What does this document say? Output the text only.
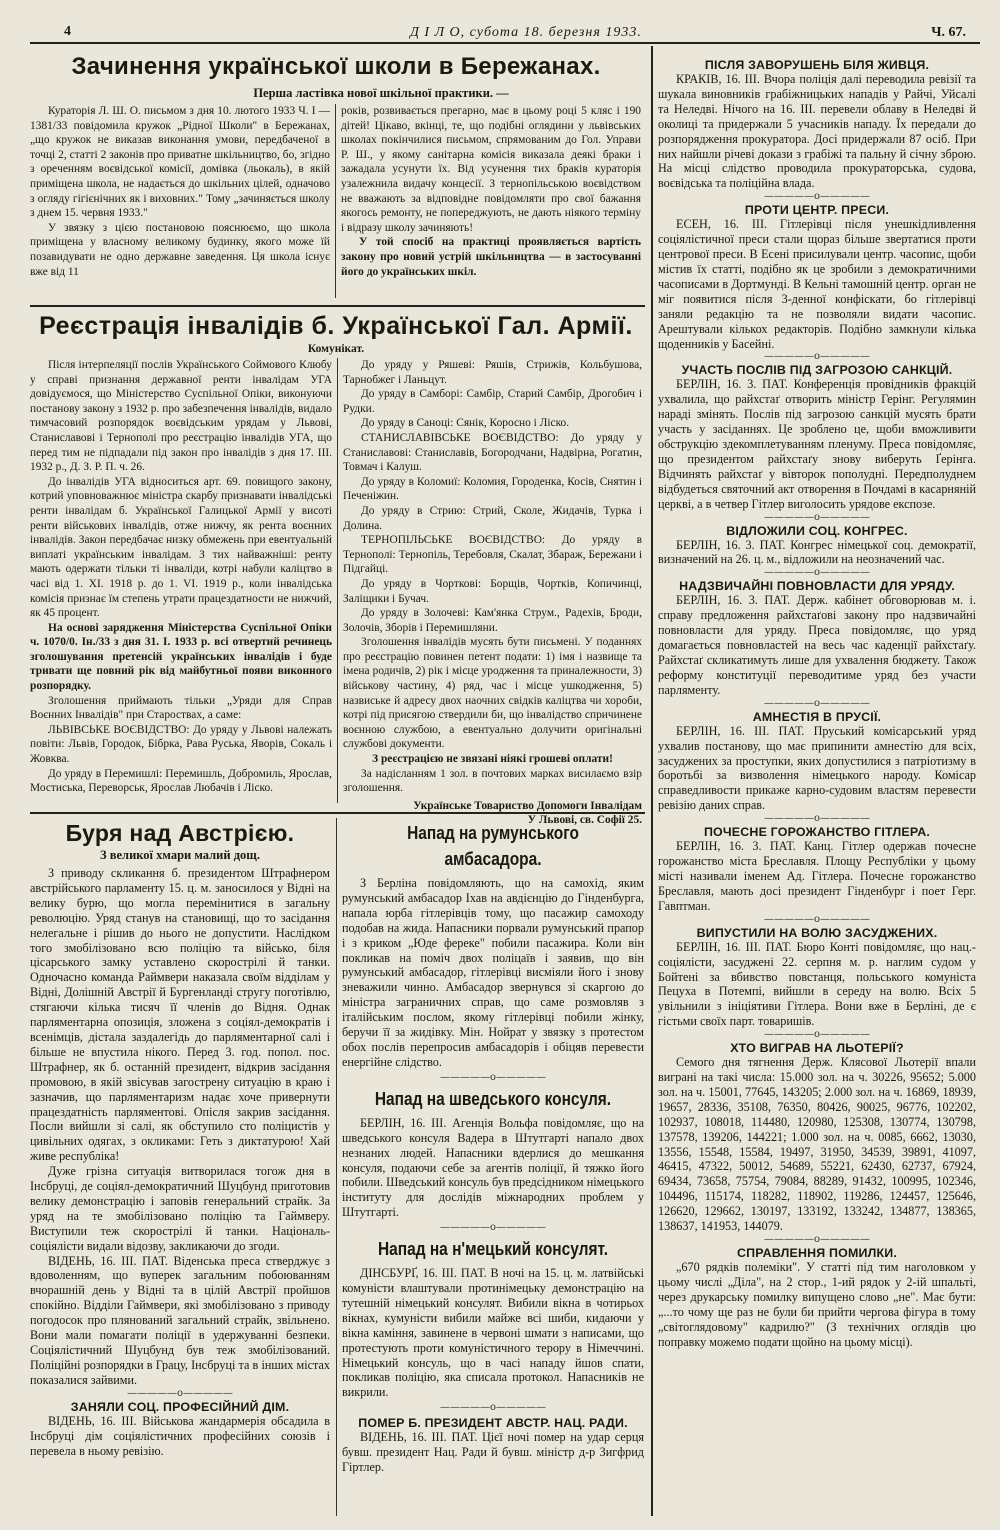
4	Д І Л О, субота 18. березня 1933.	Ч. 67.
Зачинення української школи в Бережанах.
Перша ластівка нової шкільної практики. —

Кураторія Л. Ш. О. письмом з дня 10. лютого 1933 Ч. І — 1381/33 повідомила кружок „Рідної Школи" в Бережанах, „що кружок не виказав виконання умови, передбаченої в точці 2, статті 2 законів про приватне шкільництво, бо, згідно з орeченням воєвідської комісії, домівка (льокаль), в якій приміщена школа, не надається до шкільних цілей, одначово з огляду гігієнічних як і виховних." Тому „зачиняється школу з днем 15. червня 1933."

У звязку з цією постановою пояснюємо, що школа приміщена у власному великому будинку, якого може їй позавидувати не одно державне заведення. Ця школа існує вже від 11

років, розвивається прегарно, має в цьому році 5 кляс і 190 дітей! Цікаво, вкінці, те, що подібні оглядини у львівських школах покінчилися письмом, спрямованим до Гол. Управи Р. Ш., у якому санітарна комісія виказала деякі браки і зажадала усунути їх. Від усунення тих браків кураторія узалежнила видачу концесії. З тернопільською воєвідством не вважають за відповідне повідомляти про свої бажання якогось ремонту, не попереджують, не дають ніякого терміну і відразу школу зачиняють!

У той спосіб на практиці проявляється вартість закону про новий устрій шкільництва — в застосуванні його до українських шкіл.

Реєстрація інвалідів б. Української Гал. Армії.
Комунікат.

Після інтерпеляції послів Українського Соймового Клюбу у справі признання державної ренти інвалідам УГА довідуємося, що Міністерство Суспільної Опіки, виконуючи постанову закону з 1932 р. про забезпечення інвалідів, видало тимчасовий розпорядок воєвідським урядам у Львові, Станиславові і Тернополі про реєстрацію інвалідів УГА, що перед тим не підпадали під закон про інвалідів з дня 17. III. 1932 р., Д. З. Р. П. ч. 26.

До інвалідів УГА відноситься арт. 69. повищого закону, котрий уповновaжнює міністра скарбу признавати інвалідські ренти інвалідам б. Української Галицької Армії у висоті ренти військових інвалідів, отже нижчу, як рента воєнних інвалідів. Закон передбачає низку обмежень при евентуальній виплаті українським інвалідам. З тих найважніші: ренту мають одержати тільки ті інваліди, котрі набули каліцтво в часі від 1. XI. 1918 р. до 1. VI. 1919 р., коли інвалідська комісія признає їм степень утрати працездатности не нижчий, як 45 процент.

На основі зарядження Міністерства Суспільної Опіки ч. 1070/0. Ін./33 з дня 31. І. 1933 р. всі отвертий речинець зголошування претенсій українських інвалідів і буде тривати ще повний рік від майбутньої появи виконного розпорядку.

Зголошення приймають тільки „Уряди для Справ Воєнних Інвалідів" при Староствах, а саме:

ЛЬВІВСЬКЕ ВОЄВІДСТВО: До уряду у Львові належать повіти: Львів, Городок, Бібрка, Рава Руська, Яворів, Сокаль і Жовква.

До уряду в Перемишлі: Перемишль, Добромиль, Ярослав, Мостиська, Переворськ, Ярослав Любачів і Ліско.

До уряду у Ряшеві: Ряшів, Стрижів, Кольбушова, Тарнобжег і Ланьцут.

До уряду в Самборі: Самбір, Старий Самбір, Дрогобич і Рудки.

До уряду в Саноці: Сянік, Коросно і Ліско.

СТАНИСЛАВІВСЬКЕ ВОЄВІДСТВО: До уряду у Станиславові: Станиславів, Богородчани, Надвірна, Рогатин, Товмач і Калуш.

До уряду в Коломиї: Коломия, Городенка, Косів, Снятин і Печеніжин.

До уряду в Стрию: Стрий, Сколе, Жидачів, Турка і Долина.

ТЕРНОПІЛЬСЬКЕ ВОЄВІДСТВО: До уряду в Тернополі: Тернопіль, Теребовля, Скалат, Збараж, Бережани і Підгайці.

До уряду в Чорткові: Борщів, Чортків, Копичинці, Заліщики і Бучач.

До уряду в Золочеві: Кам'янка Струм., Радехів, Броди, Золочів, Зборів і Перемишляни.

Зголошення інвалідів мусять бути письмені. У поданнях про реєстрацію повинен петент подати: 1) імя і назвище та імена родичів, 2) рік і місце уродження та приналежности, 3) військову частину, 4) ряд, час і місце ушкодження, 5) назвиське й адресу двох наочних свідків каліцтва чи хороби, котрі під присягою ствердили би, що інвалідство спричинене воєнною службою, а евентуально долучити оригінальні службові документи.

З реєстрацією не звязані ніякі грошеві оплати!

За надісланням 1 зол. в почтових марках висилаємо взір зголошення.

Українське Товариство Допомоги Інвалідам

У Львові, св. Софії 25.

Буря над Австрією.
З великої хмари малий дощ.

З приводу скликання б. президентом Штрафнером австрійського парламенту 15. ц. м. заносилося у Відні на велику бурю, що могла перемінитися в загальну революцію. Уряд станув на становищі, що то засідання нелегальне і рішив до нього не допустити. Наслідком того змобілізовано всю поліцію та військо, біля цісарського замку уставлено скорострілі й танки. Одночасно команда Раймвери наказала своїм відділам у Відні, Долішній Австрії й Бургенланді стругу поготівлю, стягаючи кілька тисяч її членів до Відня. Однак парляментарна опозиція, зложена з соціял-демократів і всенімців, дістала заздалегідь до парляментарної салі і більше не впустила нікого. Перед 3. год. попол. пос. Штрафнер, як б. останній президент, відкрив засідання промовою, в якій звісував загострену ситуацію в краю і зазначив, що парляментаризм надає хоче привернути працездатність парляментові. Опісля закрив засідання. Посли вийшли зі салі, як обступило сто поліцистів у цивільних одягах, з окликами: Геть з диктатурою! Хай живе республіка!

Дуже грізна ситуація витворилася тогож дня в Інсбруці, де соціял-демократичний Шуцбунд приготовив велику демонстрацію і заповів генеральний страйк. За уряд на те змобілізовано поліцію та Гаймвеpу. Виступили теж скорострілі й танки. Національ-соціялісти видали відозву, закликаючи до згоди.

ВІДЕНЬ, 16. III. ПАТ. Віденська преса стверджує з вдоволенням, що вуперек загальним побоюванням вчорашній день у Відні та в цілій Австрії пройшов спокійно. Відділи Гаймвери, які змобілізовано з приводу погодоcок про плянований загальний страйк, звільнено. Вони мали помагати поліції в удержуванні безпеки. Соціялістичний Шуцбунд був теж змобілізований. Поліційні розпорядки в Грацу, Інсбруці та в інших містах показалися зайвими.

—————o—————
ЗАНЯЛИ СОЦ. ПРОФЕСІЙНИЙ ДІМ.

ВІДЕНЬ, 16. III. Військова жандармерія обсадила в Інсбруці дім соціялістичних професійних союзів і перевела в ньому ревізію.

Напад на румунського амбасадора.

З Берліна повідомляють, що на самохід, яким румунський амбасадор Іхав на авдієнцію до Гінденбурга, напала юрба гітлерівців тому, що пасажир самоходу подобав на жида. Напасники порвали румунський прапор і з криком „Юде фереке" побили пасажира. Коли він покликав на поміч двох поліцаїв і заявив, що він румунський амбасадор, гітлерівці висміяли його і знову зневажили чинно. Амбасадор звернувся зі скаргою до міністра заграничних справ, що саме розмовляв з італійським послом, якому гітлерівці побили жінку, беручи її за жидівку. Мін. Нойрат у звязку з протестом обох послів перепросив амбасадорів і обіцяв перевести енергійне слідство.

—————o—————
Напад на шведського консуля.

БЕРЛІН, 16. III. Агенція Вольфа повідомляє, що на шведського консуля Вадера в Штутгарті напало двох незнаних людей. Напасники вдерлися до мешкання консуля, подаючи себе за агентів поліції, й тяжко його побили. Шведський консуль був предсідником німецького інституту для дослідів міжнародних проблем у Штутгарті.

—————o—————
Напад на н'мецький консулят.

ДІНСБУРҐ, 16. III. ПАТ. В ночі на 15. ц. м. латвійські комуністи влаштували протинімецьку демонстрацію на тутешній німецький консулят. Вибили вікна в чотирьох вікнах, кумуністи вибили майже всі шиби, кидаючи у вікна каміння, завинене в червоні шмати з написами, що протестують проти комуністичного терору в Німеччині. Німецький консуль, що в часі нападу йшов спати, покликав поліцію, яка списала протокол. Напасників не викрили.

—————o—————
ПОМЕР Б. ПРЕЗИДЕНТ АВСТР. НАЦ. РАДИ.

ВІДЕНЬ, 16. III. ПАТ. Цієї ночі помер на удар серця бувш. президент Нац. Ради й бувш. міністр д-р Зигфрид Гіртлер.

ПІСЛЯ ЗАВОРУШЕНЬ БІЛЯ ЖИВЦЯ.

КРАКІВ, 16. III. Вчора поліція далі переводила ревізії та шукала виновників грабіжницьких нападів у Райчі, Уйсалі та Неледві. Нічого на 16. III. перевели облаву в Неледві й околиці та придержали 5 учасників нападу. Їх передали до розпорядження прокуратора. Досі придержали 87 осіб. При них найшли річеві докази з грабіжі та пальну й січну зброю. На місці слідство проводила прокураторська, судова, воєвідська та поліційна влада.

—————o—————
ПРОТИ ЦЕНТР. ПРЕСИ.

ЕСЕН, 16. III. Гітлерівці після унешкідливлення соціялістичної преси стали щораз більше звертатися проти центрової преси. В Есені присилували центр. часопис, щоби містив їх статті, подібно як це зробили з демократичними часописами в Дортмунді. В Кельні тамошній центр. орган не міг появитися після 3-денної конфіскати, бо гітлерівці заняли редакцію та не позволяли видати часопис. Арештували кількох редакторів. Подібно замкнули кілька щоденників у Басейні.

—————o—————
УЧАСТЬ ПОСЛІВ ПІД ЗАГРОЗОЮ САНКЦІЙ.

БЕРЛІН, 16. 3. ПАТ. Конференція провідників фракцій ухвалила, що райхстаґ отворить міністр Герінг. Регулямин нараді змінять. Послів під загрозою санкцій мусять брати участь у засіданнях. Це зроблено це, щоби вможливити обструкцію здекомплетуванням пленуму. Преса повідомляє, що президентом райхстаґу знову виберуть Ґерінга. Відчинять райхстаґ у вівторок пополудні. Передполуднем відбудеться святочний акт отворення в Почдамі в касарняній церкві, а в четвер Гітлер виголосить урядове експозе.

—————o—————
ВІДЛОЖИЛИ СОЦ. КОНГРЕС.

БЕРЛІН, 16. 3. ПАТ. Конгрес німецької соц. демократії, визначений на 26. ц. м., відложили на неозначений час.

—————o—————
НАДЗВИЧАЙНІ ПОВНОВЛАСТИ ДЛЯ УРЯДУ.

БЕРЛІН, 16. 3. ПАТ. Держ. кабінет обговорював м. і. справу предложення райхстаґові закону про надзвичайні повновласти для уряду. Преса повідомляє, що уряд домагається повновластей на весь час каденції райхстаґу. Райхстаґ скликатимуть лише для ухвалення бюджету. Також реформу конституції переводитиме уряд без участи парляменту.

—————o—————
АМНЕСТІЯ В ПРУСІЇ.

БЕРЛІН, 16. III. ПАТ. Пруський комісарський уряд ухвалив постанову, що має припинити амнестію для всіх, засуджених за проступки, яких допустилися з патріотизму в боротьбі за визволення німецького народу. Комісар справедливости прикаже карно-судовим властям перевести ревізію даних справ.

—————o—————
ПОЧЕСНЕ ГОРОЖАНСТВО ГІТЛЕРА.

БЕРЛІН, 16. 3. ПАТ. Канц. Гітлер одержав почесне горожанство міста Бреславля. Площу Республіки у цьому місті називали іменем Ад. Гітлера. Почесне горожанство Бреславля, мають досі президент Гінденбург і поет Герг. Гавптман.

—————o—————
ВИПУСТИЛИ НА ВОЛЮ ЗАСУДЖЕНИХ.

БЕРЛІН, 16. III. ПАТ. Бюро Конті повідомляє, що нац.-соціялісти, засуджені 22. серпня м. р. наглим судом у Бойтені за вбивство повстанця, польського комуніста Пецуха в Потемпі, вийшли в середу на волю. Всіх 5 увільнили з ініціятиви Гітлера. Вони вже в Берліні, де є гістьми своїх парт. товаришів.

—————o—————
ХТО ВИГРАВ НА ЛЬОТЕРІЇ?

Семого дня тягнення Держ. Клясової Льотерії впали виграні на такі числа: 15.000 зол. на ч. 30226, 95652; 5.000 зол. на ч. 15001, 77645, 143205; 2.000 зол. на ч. 16869, 18939, 19657, 28336, 35108, 76350, 80426, 90025, 96776, 102202, 102937, 108018, 114480, 120980, 125308, 130774, 130798, 137578, 139206, 144221; 1.000 зол. на ч. 0085, 6662, 13030, 13556, 15548, 15584, 19497, 31950, 34539, 39891, 41097, 46415, 47322, 50012, 54689, 55221, 62430, 62737, 67924, 69434, 73658, 75754, 79084, 88289, 91432, 100995, 102346, 104496, 115174, 118282, 118902, 119286, 124457, 125646, 126620, 129662, 130197, 133192, 133242, 134877, 138365, 138637, 141953, 144079.

—————o—————
СПРАВЛЕННЯ ПОМИЛКИ.

„670 рядків полеміки". У статті під тим наголовком у цьому числі „Діла", на 2 стор., 1-ий рядок у 2-ій шпальті, через друкарську помилку випущено слово „не". Має бути: „...то чому ще раз не були би прийти черговa фігура в тому „світоглядовому" кадрилю?" (З технічних оглядів цю поправку можемо подати щойно на цьому місці).
